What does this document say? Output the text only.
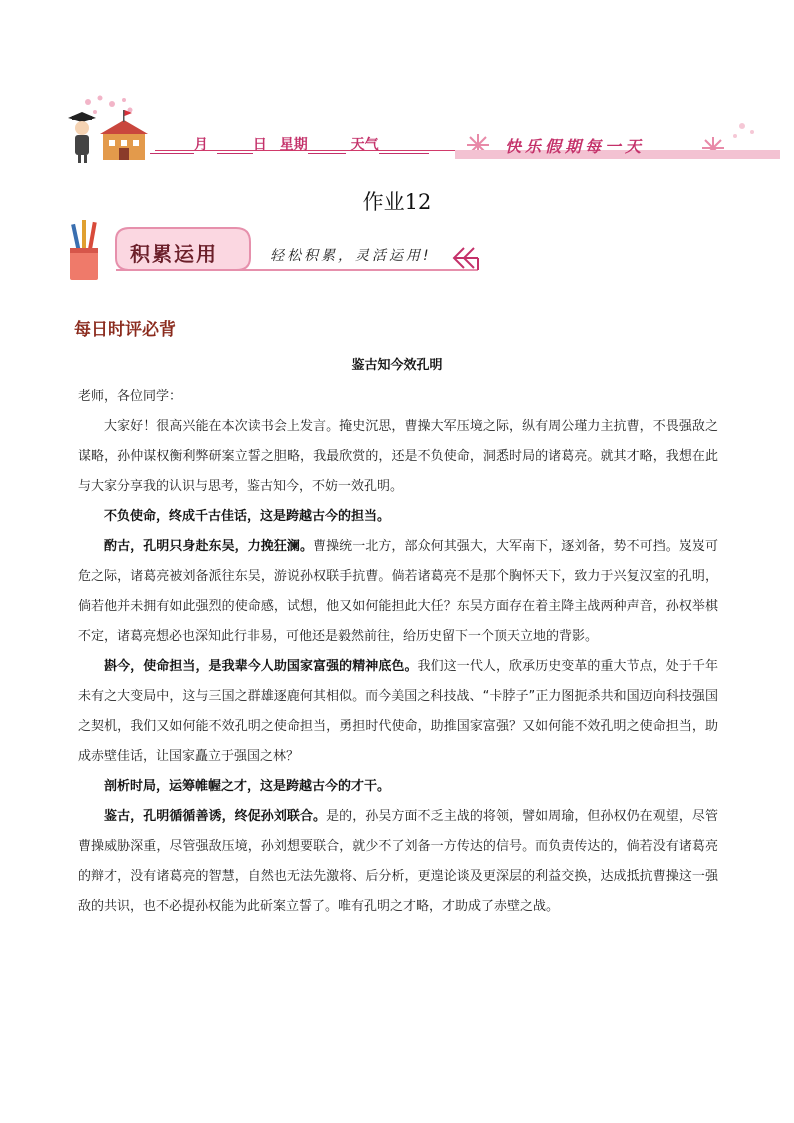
月	日 星期	天气	快乐假期每一天
作业12
积累运用	轻松积累，灵活运用!
每日时评必背
鉴古知今效孔明

老师，各位同学：

大家好！很高兴能在本次读书会上发言。掩史沉思，曹操大军压境之际，纵有周公瑾力主抗曹，不畏强敌之谋略，孙仲谋权衡利弊研案立誓之胆略，我最欣赏的，还是不负使命，洞悉时局的诸葛亮。就其才略，我想在此与大家分享我的认识与思考，鉴古知今，不妨一效孔明。

不负使命，终成千古佳话，这是跨越古今的担当。

酌古，孔明只身赴东吴，力挽狂澜。曹操统一北方，部众何其强大，大军南下，逐刘备，势不可挡。岌岌可危之际，诸葛亮被刘备派往东吴，游说孙权联手抗曹。倘若诸葛亮不是那个胸怀天下，致力于兴复汉室的孔明，倘若他并未拥有如此强烈的使命感，试想，他又如何能担此大任？东吴方面存在着主降主战两种声音，孙权举棋不定，诸葛亮想必也深知此行非易，可他还是毅然前往，给历史留下一个顶天立地的背影。

斟今，使命担当，是我辈今人助国家富强的精神底色。我们这一代人，欣承历史变革的重大节点，处于千年未有之大变局中，这与三国之群雄逐鹿何其相似。而今美国之科技战、“卡脖子”正力图扼杀共和国迈向科技强国之契机，我们又如何能不效孔明之使命担当，勇担时代使命，助推国家富强？又如何能不效孔明之使命担当，助成赤壁佳话，让国家矗立于强国之林？

剖析时局，运筹帷幄之才，这是跨越古今的才干。

鉴古，孔明循循善诱，终促孙刘联合。是的，孙吴方面不乏主战的将领，譬如周瑜，但孙权仍在观望，尽管曹操威胁深重，尽管强敌压境，孙刘想要联合，就少不了刘备一方传达的信号。而负责传达的，倘若没有诸葛亮的辩才，没有诸葛亮的智慧，自然也无法先激将、后分析，更遑论谈及更深层的利益交换，达成抵抗曹操这一强敌的共识，也不必提孙权能为此斫案立誓了。唯有孔明之才略，才助成了赤壁之战。
